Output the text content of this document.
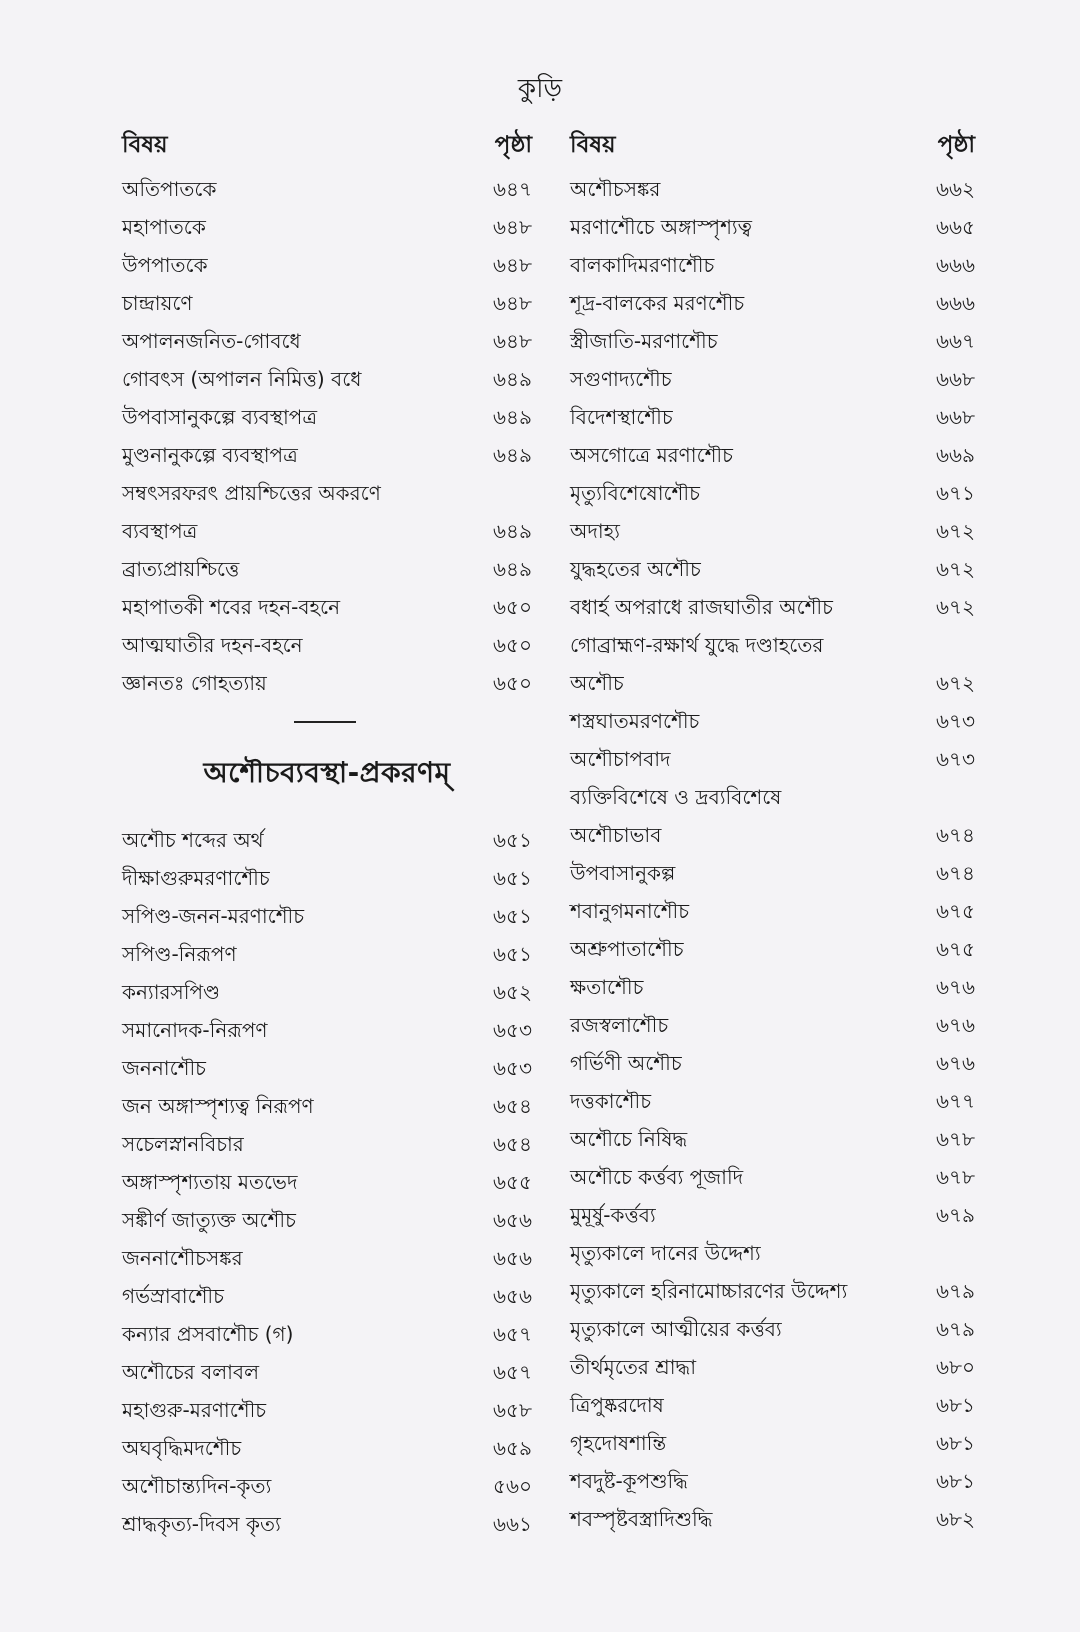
কুড়ি
বিষয়	পৃষ্ঠা
অতিপাতকে	৬৪৭
মহাপাতকে	৬৪৮
উপপাতকে	৬৪৮
চান্দ্রায়ণে	৬৪৮
অপালনজনিত-গোবধে	৬৪৮
গোবৎস (অপালন নিমিত্ত) বধে	৬৪৯
উপবাসানুকল্পে ব্যবস্থাপত্র	৬৪৯
মুণ্ডনানুকল্পে ব্যবস্থাপত্র	৬৪৯
সম্বৎসরফরৎ প্রায়শ্চিত্তের অকরণে
ব্যবস্থাপত্র	৬৪৯
ব্রাত্যপ্রায়শ্চিত্তে	৬৪৯
মহাপাতকী শবের দহন-বহনে	৬৫০
আত্মঘাতীর দহন-বহনে	৬৫০
জ্ঞানতঃ গোহত্যায়	৬৫০
অশৌচব্যবস্থা-প্রকরণম্
অশৌচ শব্দের অর্থ	৬৫১
দীক্ষাগুরুমরণাশৌচ	৬৫১
সপিণ্ড-জনন-মরণাশৌচ	৬৫১
সপিণ্ড-নিরূপণ	৬৫১
কন্যারসপিণ্ড	৬৫২
সমানোদক-নিরূপণ	৬৫৩
জননাশৌচ	৬৫৩
জন অঙ্গাস্পৃশ্যত্ব নিরূপণ	৬৫৪
সচেলস্নানবিচার	৬৫৪
অঙ্গাস্পৃশ্যতায় মতভেদ	৬৫৫
সঙ্কীর্ণ জাত্যুক্ত অশৌচ	৬৫৬
জননাশৌচসঙ্কর	৬৫৬
গর্ভস্রাবাশৌচ	৬৫৬
কন্যার প্রসবাশৌচ (গ)	৬৫৭
অশৌচের বলাবল	৬৫৭
মহাগুরু-মরণাশৌচ	৬৫৮
অঘবৃদ্ধিমদশৌচ	৬৫৯
অশৌচান্ত্যদিন-কৃত্য	৫৬০
শ্রাদ্ধকৃত্য-দিবস কৃত্য	৬৬১
বিষয়	পৃষ্ঠা
অশৌচসঙ্কর	৬৬২
মরণাশৌচে অঙ্গাস্পৃশ্যত্ব	৬৬৫
বালকাদিমরণাশৌচ	৬৬৬
শূদ্র-বালকের মরণশৌচ	৬৬৬
স্ত্রীজাতি-মরণাশৌচ	৬৬৭
সগুণাদ্যশৌচ	৬৬৮
বিদেশস্থাশৌচ	৬৬৮
অসগোত্রে মরণাশৌচ	৬৬৯
মৃত্যুবিশেষোশৌচ	৬৭১
অদাহ্য	৬৭২
যুদ্ধহতের অশৌচ	৬৭২
বধার্হ অপরাধে রাজঘাতীর অশৌচ	৬৭২
গোব্রাহ্মণ-রক্ষার্থ যুদ্ধে দণ্ডাহতের
অশৌচ	৬৭২
শস্ত্রঘাতমরণশৌচ	৬৭৩
অশৌচাপবাদ	৬৭৩
ব্যক্তিবিশেষে ও দ্রব্যবিশেষে
অশৌচাভাব	৬৭৪
উপবাসানুকল্প	৬৭৪
শবানুগমনাশৌচ	৬৭৫
অশ্রুপাতাশৌচ	৬৭৫
ক্ষতাশৌচ	৬৭৬
রজস্বলাশৌচ	৬৭৬
গর্ভিণী অশৌচ	৬৭৬
দত্তকাশৌচ	৬৭৭
অশৌচে নিষিদ্ধ	৬৭৮
অশৌচে কর্ত্তব্য পূজাদি	৬৭৮
মুমূর্ষু-কর্ত্তব্য	৬৭৯
মৃত্যুকালে দানের উদ্দেশ্য
মৃত্যুকালে হরিনামোচ্চারণের উদ্দেশ্য	৬৭৯
মৃত্যুকালে আত্মীয়ের কর্ত্তব্য	৬৭৯
তীর্থমৃতের শ্রাদ্ধা	৬৮০
ত্রিপুষ্করদোষ	৬৮১
গৃহদোষশান্তি	৬৮১
শবদুষ্ট-কূপশুদ্ধি	৬৮১
শবস্পৃষ্টবস্ত্রাদিশুদ্ধি	৬৮২
